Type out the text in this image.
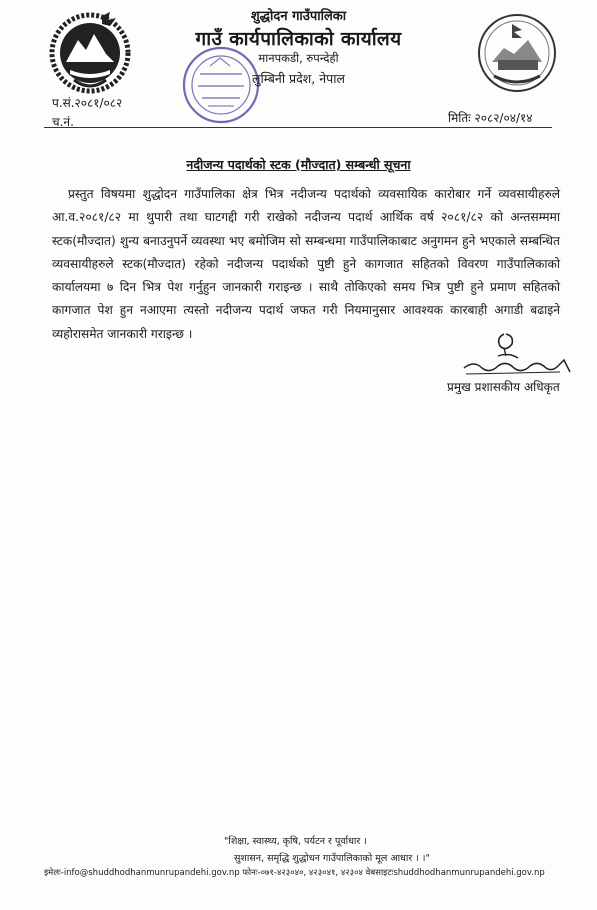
शुद्धोदन गाउँपालिका
गाउँ कार्यपालिकाको कार्यालय
मानपकडी, रुपन्देही
लुम्बिनी प्रदेश, नेपाल
प.सं.२०८१/०८२
च.नं.	मितिः २०८२/०४/१४
नदीजन्य पदार्थको स्टक (मौज्दात) सम्बन्धी सूचना

प्रस्तुत विषयमा शुद्धोदन गाउँपालिका क्षेत्र भित्र नदीजन्य पदार्थको व्यवसायिक कारोबार गर्ने व्यवसायीहरुले आ.व.२०८१/८२ मा थुपारी तथा घाटगद्दी गरी राखेको नदीजन्य पदार्थ आर्थिक वर्ष २०८१/८२ को अन्तसम्ममा स्टक(मौज्दात) शुन्य बनाउनुपर्ने व्यवस्था भए बमोजिम सो सम्बन्धमा गाउँपालिकाबाट अनुगमन हुने भएकाले सम्बन्धित व्यवसायीहरुले स्टक(मौज्दात) रहेको नदीजन्य पदार्थको पुष्टी हुने कागजात सहितको विवरण गाउँपालिकाको कार्यालयमा ७ दिन भित्र पेश गर्नुहुन जानकारी गराइन्छ । साथै तोकिएको समय भित्र पुष्टी हुने प्रमाण सहितको कागजात पेश हुन नआएमा त्यस्तो नदीजन्य पदार्थ जफत गरी नियमानुसार आवश्यक कारबाही अगाडी बढाइने व्यहोरासमेत जानकारी गराइन्छ ।

प्रमुख प्रशासकीय अधिकृत
"शिक्षा, स्वास्थ्य, कृषि, पर्यटन र पूर्वाधार ।
सुशासन, समृद्धि शुद्धोधन गाउँपालिकाको मूल आधार । ।"
इमेलः-info@shuddhodhanmunrupandehi.gov.np फोनः-०७१-४२३०४०, ४२३०४१, ४२३०४ वेबसाइटःshuddhodhanmunrupandehi.gov.np
